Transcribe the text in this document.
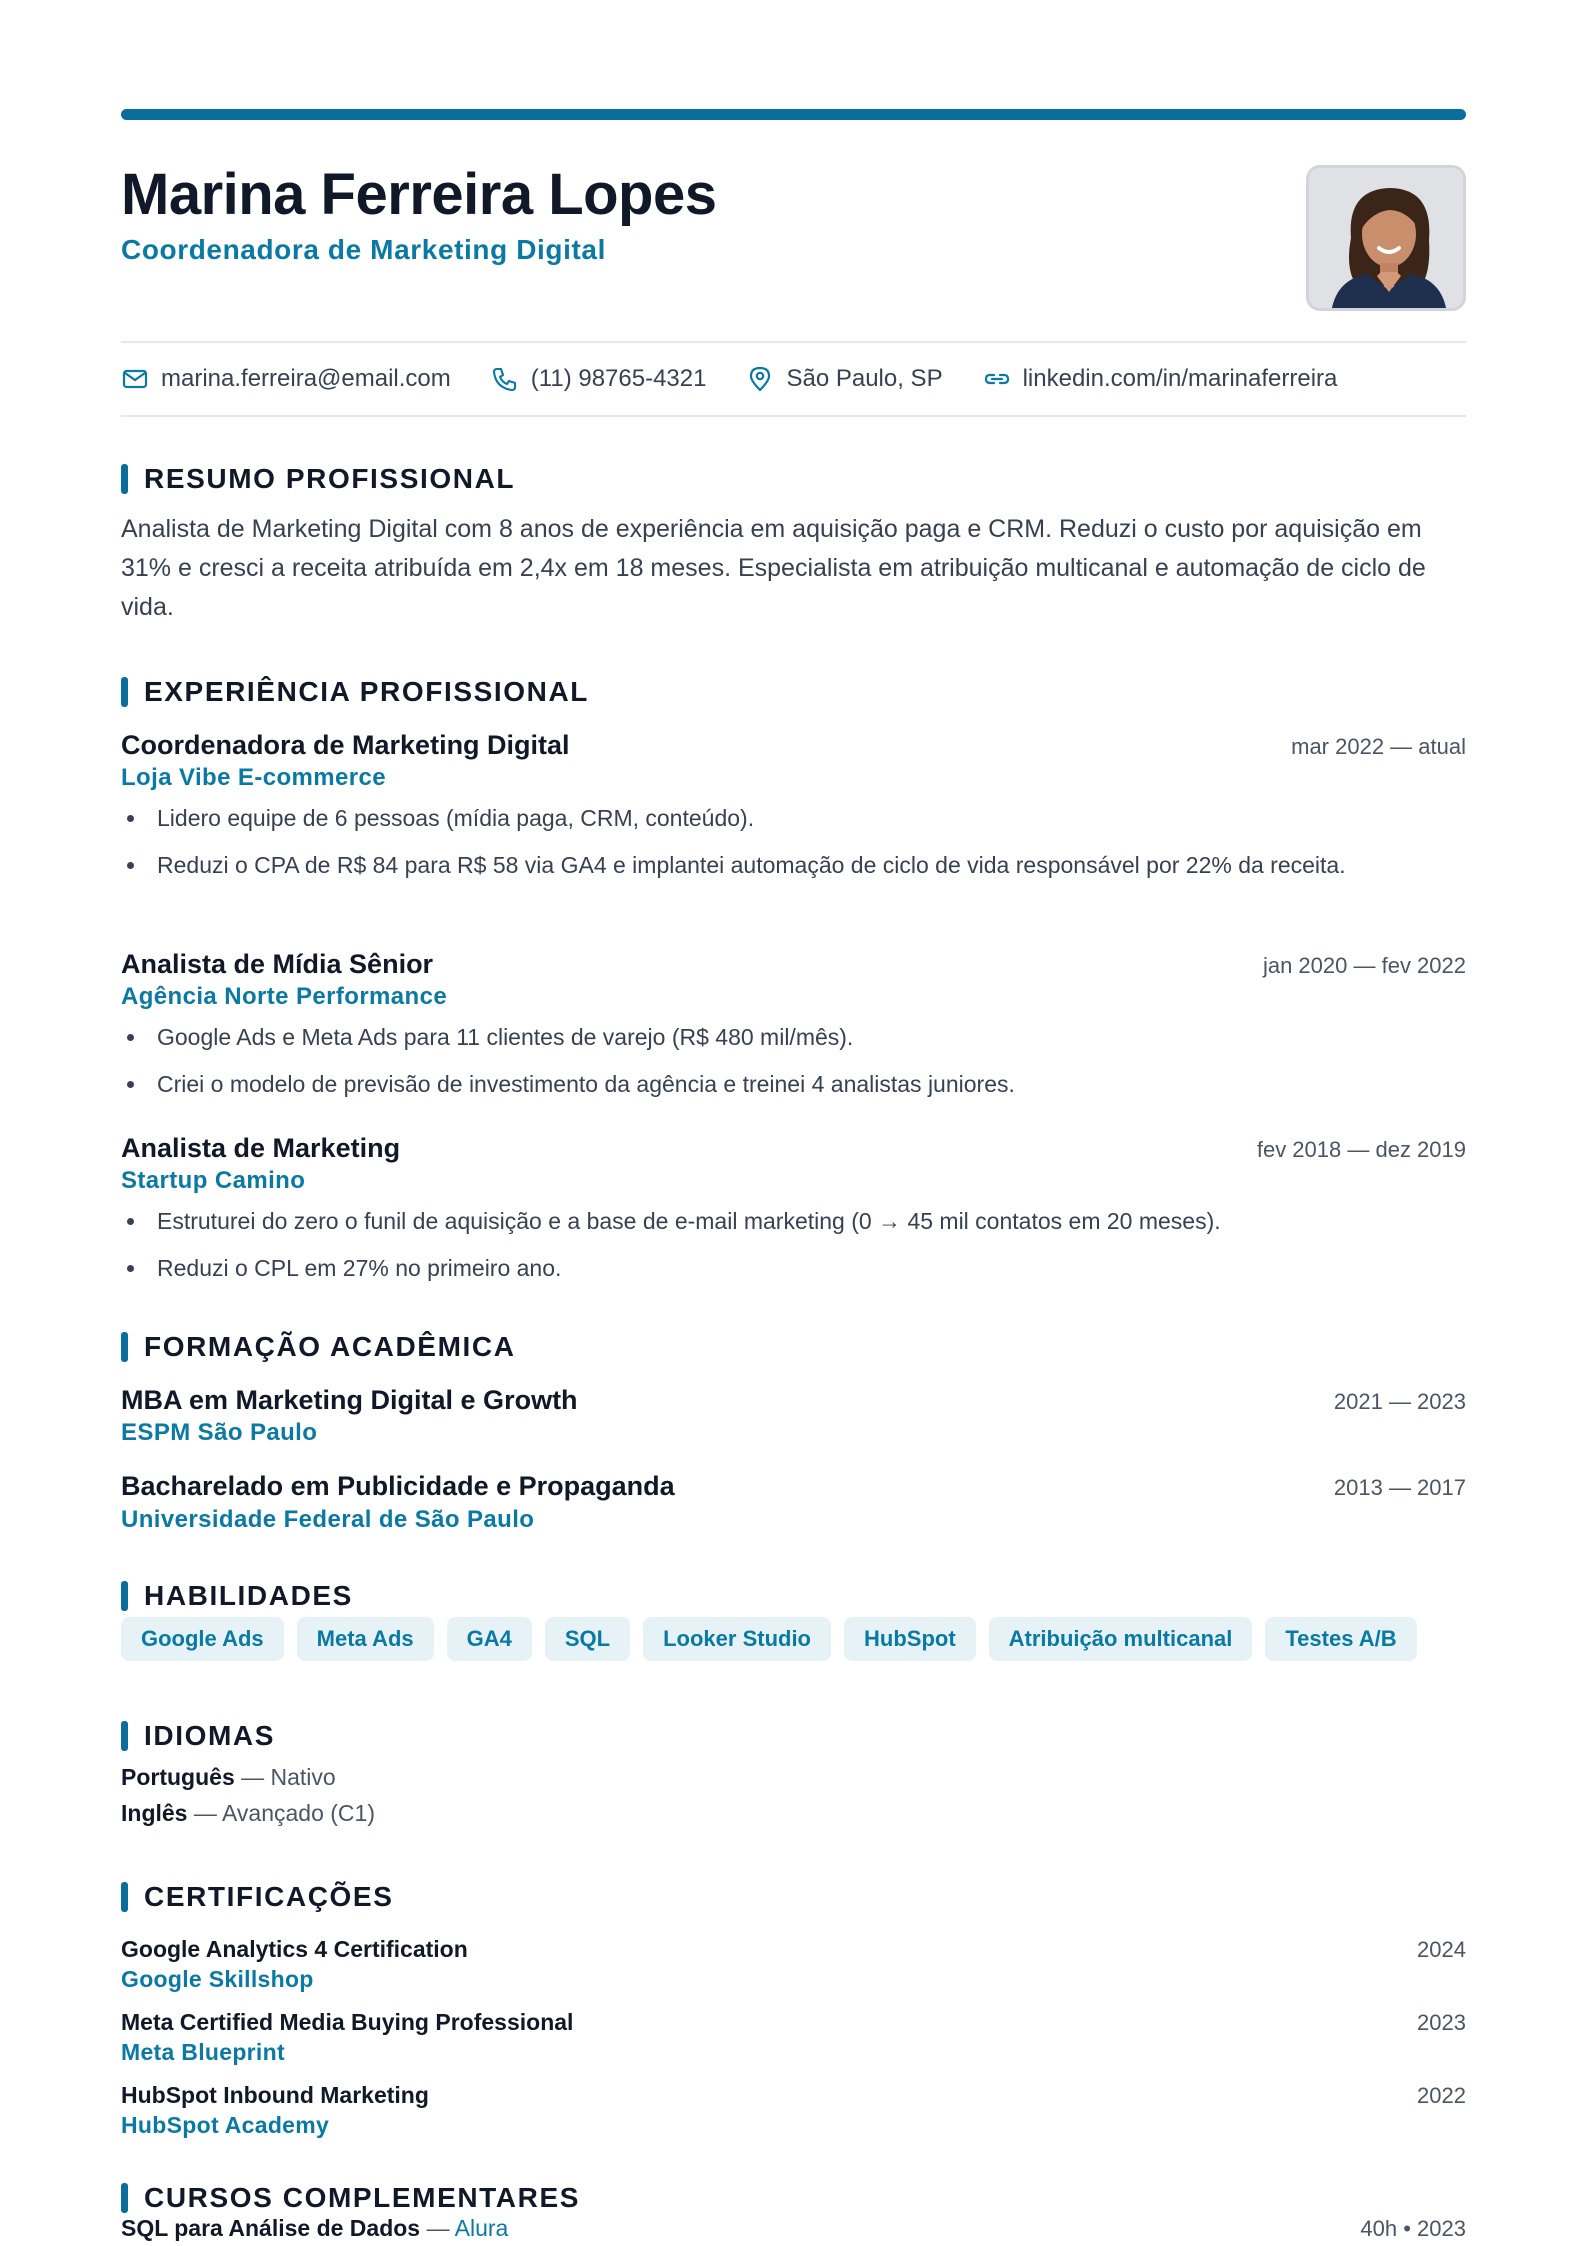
Marina Ferreira Lopes
Coordenadora de Marketing Digital
marina.ferreira@email.com	(11) 98765-4321	São Paulo, SP	linkedin.com/in/marinaferreira
RESUMO PROFISSIONAL
Analista de Marketing Digital com 8 anos de experiência em aquisição paga e CRM. Reduzi o custo por aquisição em 31% e cresci a receita atribuída em 2,4x em 18 meses. Especialista em atribuição multicanal e automação de ciclo de vida.
EXPERIÊNCIA PROFISSIONAL
Coordenadora de Marketing Digital	mar 2022 — atual
Loja Vibe E-commerce
Lidero equipe de 6 pessoas (mídia paga, CRM, conteúdo).
Reduzi o CPA de R$ 84 para R$ 58 via GA4 e implantei automação de ciclo de vida responsável por 22% da receita.
Analista de Mídia Sênior	jan 2020 — fev 2022
Agência Norte Performance
Google Ads e Meta Ads para 11 clientes de varejo (R$ 480 mil/mês).
Criei o modelo de previsão de investimento da agência e treinei 4 analistas juniores.
Analista de Marketing	fev 2018 — dez 2019
Startup Camino
Estruturei do zero o funil de aquisição e a base de e-mail marketing (0 → 45 mil contatos em 20 meses).
Reduzi o CPL em 27% no primeiro ano.
FORMAÇÃO ACADÊMICA
MBA em Marketing Digital e Growth	2021 — 2023
ESPM São Paulo
Bacharelado em Publicidade e Propaganda	2013 — 2017
Universidade Federal de São Paulo
HABILIDADES
Google Ads	Meta Ads	GA4	SQL	Looker Studio	HubSpot	Atribuição multicanal	Testes A/B
IDIOMAS
Português — Nativo
Inglês — Avançado (C1)
CERTIFICAÇÕES
Google Analytics 4 Certification	2024
Google Skillshop
Meta Certified Media Buying Professional	2023
Meta Blueprint
HubSpot Inbound Marketing	2022
HubSpot Academy
CURSOS COMPLEMENTARES
SQL para Análise de Dados — Alura	40h • 2023
